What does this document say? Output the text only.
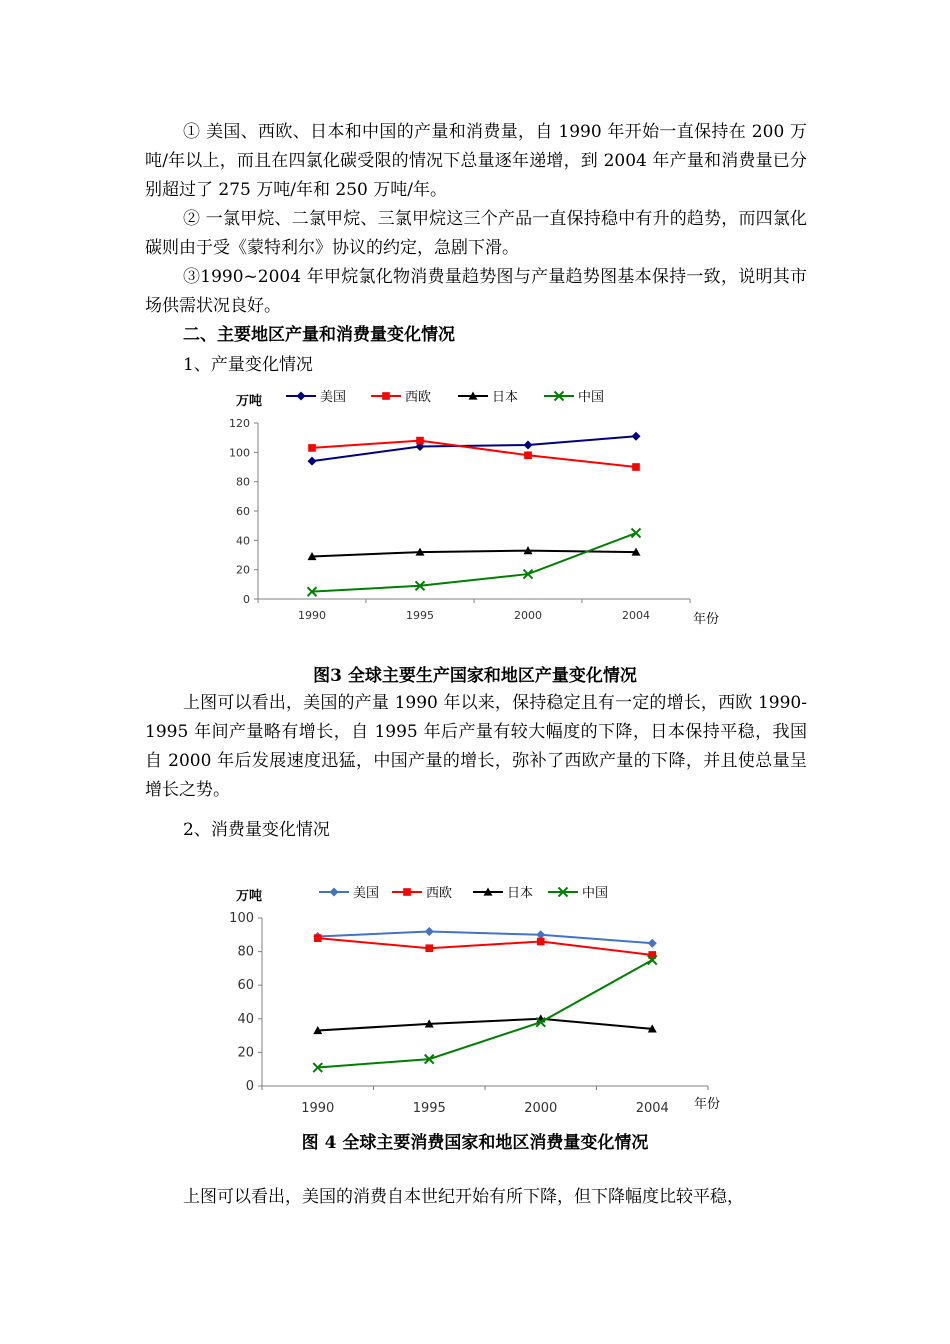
① 美国、西欧、日本和中国的产量和消费量，自 1990 年开始一直保持在 200 万吨/年以上，而且在四氯化碳受限的情况下总量逐年递增，到 2004 年产量和消费量已分别超过了 275 万吨/年和 250 万吨/年。

② 一氯甲烷、二氯甲烷、三氯甲烷这三个产品一直保持稳中有升的趋势，而四氯化碳则由于受《蒙特利尔》协议的约定，急剧下滑。

③1990~2004 年甲烷氯化物消费量趋势图与产量趋势图基本保持一致，说明其市场供需状况良好。

二、主要地区产量和消费量变化情况

1、产量变化情况

0
20
40
60
80
100
120
1990	1995	2000	2004
万吨
年份
美国	西欧	日本	中国

图3 全球主要生产国家和地区产量变化情况

上图可以看出，美国的产量 1990 年以来，保持稳定且有一定的增长，西欧 1990-1995 年间产量略有增长，自 1995 年后产量有较大幅度的下降，日本保持平稳，我国自 2000 年后发展速度迅猛，中国产量的增长，弥补了西欧产量的下降，并且使总量呈增长之势。

2、消费量变化情况

0
20
40
60
80
100
1990	1995	2000	2004
万吨
年份
美国	西欧	日本	中国

图 4 全球主要消费国家和地区消费量变化情况

上图可以看出，美国的消费自本世纪开始有所下降，但下降幅度比较平稳，
